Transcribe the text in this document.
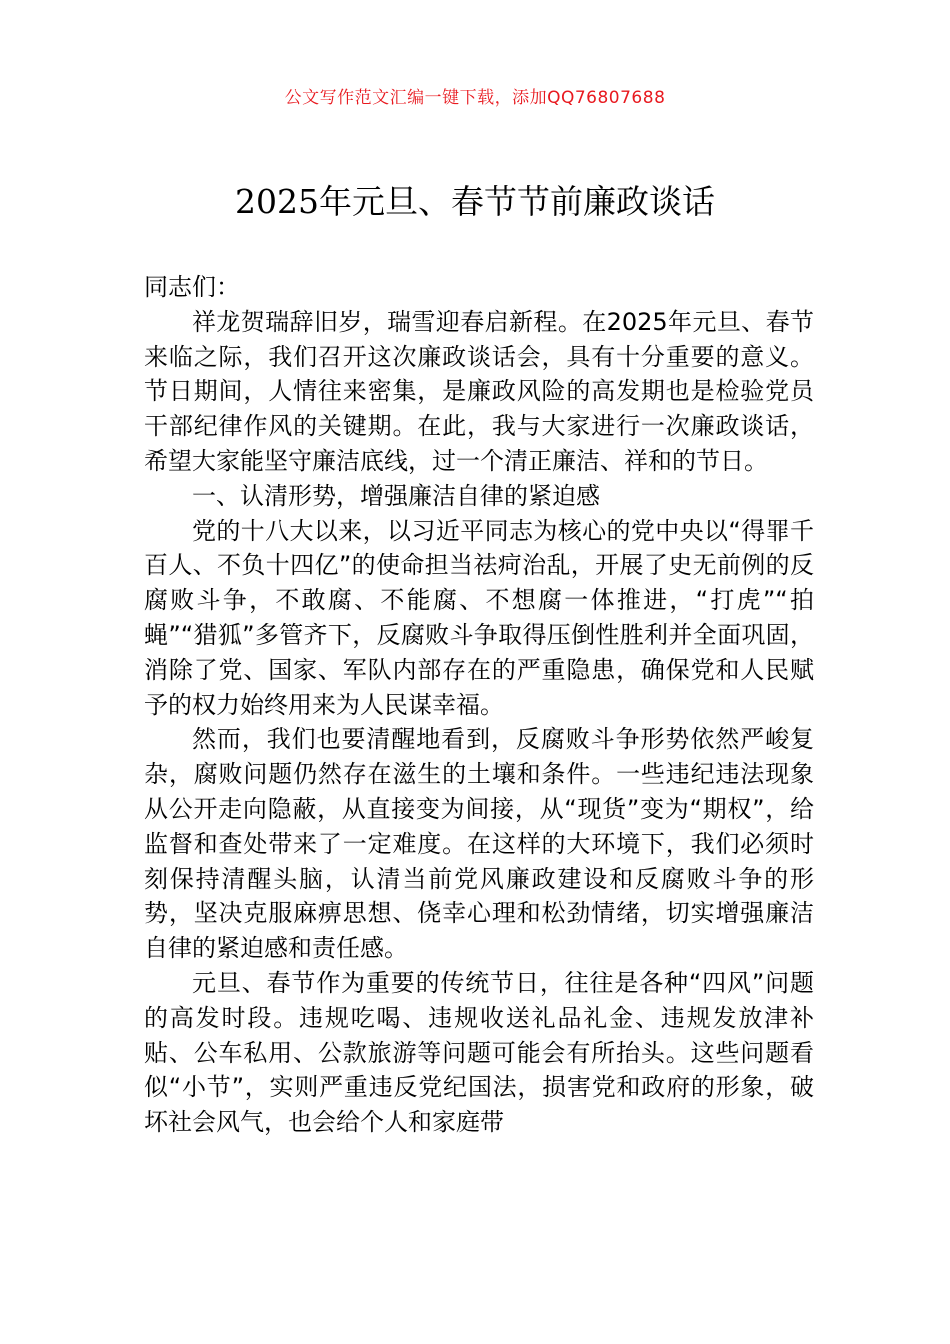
公文写作范文汇编一键下载，添加QQ76807688
2025年元旦、春节节前廉政谈话

同志们：

祥龙贺瑞辞旧岁，瑞雪迎春启新程。在2025年元旦、春节来临之际，我们召开这次廉政谈话会，具有十分重要的意义。节日期间，人情往来密集，是廉政风险的高发期也是检验党员干部纪律作风的关键期。在此，我与大家进行一次廉政谈话，希望大家能坚守廉洁底线，过一个清正廉洁、祥和的节日。

一、认清形势，增强廉洁自律的紧迫感

党的十八大以来，以习近平同志为核心的党中央以“得罪千百人、不负十四亿”的使命担当祛疴治乱，开展了史无前例的反腐败斗争，不敢腐、不能腐、不想腐一体推进，“打虎”“拍蝇”“猎狐”多管齐下，反腐败斗争取得压倒性胜利并全面巩固，消除了党、国家、军队内部存在的严重隐患，确保党和人民赋予的权力始终用来为人民谋幸福。

然而，我们也要清醒地看到，反腐败斗争形势依然严峻复杂，腐败问题仍然存在滋生的土壤和条件。一些违纪违法现象从公开走向隐蔽，从直接变为间接，从“现货”变为“期权”，给监督和查处带来了一定难度。在这样的大环境下，我们必须时刻保持清醒头脑，认清当前党风廉政建设和反腐败斗争的形势，坚决克服麻痹思想、侥幸心理和松劲情绪，切实增强廉洁自律的紧迫感和责任感。

元旦、春节作为重要的传统节日，往往是各种“四风”问题的高发时段。违规吃喝、违规收送礼品礼金、违规发放津补贴、公车私用、公款旅游等问题可能会有所抬头。这些问题看似“小节”，实则严重违反党纪国法，损害党和政府的形象，破坏社会风气，也会给个人和家庭带
